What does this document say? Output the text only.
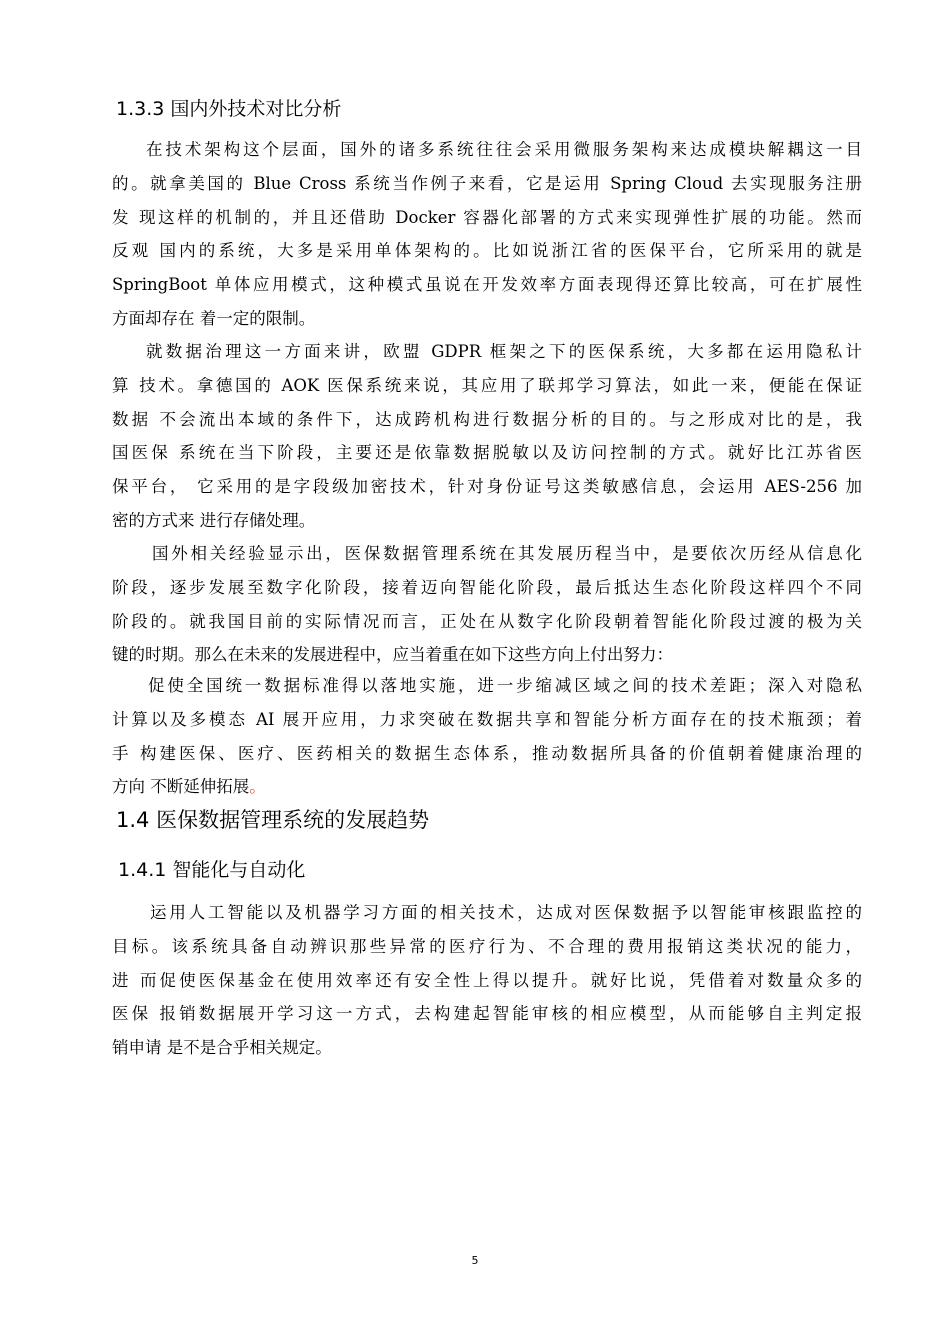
1.3.3 国内外技术对比分析
在技术架构这个层面，国外的诸多系统往往会采用微服务架构来达成模块解耦这一目
的。就拿美国的 Blue Cross 系统当作例子来看，它是运用 Spring Cloud 去实现服务注册
发 现这样的机制的，并且还借助 Docker 容器化部署的方式来实现弹性扩展的功能。然而
反观 国内的系统，大多是采用单体架构的。比如说浙江省的医保平台，它所采用的就是
SpringBoot 单体应用模式，这种模式虽说在开发效率方面表现得还算比较高，可在扩展性
方面却存在 着一定的限制。
就数据治理这一方面来讲，欧盟 GDPR 框架之下的医保系统，大多都在运用隐私计
算 技术。拿德国的 AOK 医保系统来说，其应用了联邦学习算法，如此一来，便能在保证
数据 不会流出本域的条件下，达成跨机构进行数据分析的目的。与之形成对比的是，我
国医保 系统在当下阶段，主要还是依靠数据脱敏以及访问控制的方式。就好比江苏省医
保平台， 它采用的是字段级加密技术，针对身份证号这类敏感信息，会运用 AES-256 加
密的方式来 进行存储处理。
国外相关经验显示出，医保数据管理系统在其发展历程当中，是要依次历经从信息化
阶段，逐步发展至数字化阶段，接着迈向智能化阶段，最后抵达生态化阶段这样四个不同
阶段的。就我国目前的实际情况而言，正处在从数字化阶段朝着智能化阶段过渡的极为关
键的时期。那么在未来的发展进程中，应当着重在如下这些方向上付出努力：
促使全国统一数据标准得以落地实施，进一步缩减区域之间的技术差距；深入对隐私
计算以及多模态 AI 展开应用，力求突破在数据共享和智能分析方面存在的技术瓶颈；着
手 构建医保、医疗、医药相关的数据生态体系，推动数据所具备的价值朝着健康治理的
方向 不断延伸拓展。
1.4 医保数据管理系统的发展趋势
1.4.1 智能化与自动化
运用人工智能以及机器学习方面的相关技术，达成对医保数据予以智能审核跟监控的
目标。该系统具备自动辨识那些异常的医疗行为、不合理的费用报销这类状况的能力，
进 而促使医保基金在使用效率还有安全性上得以提升。就好比说，凭借着对数量众多的
医保 报销数据展开学习这一方式，去构建起智能审核的相应模型，从而能够自主判定报
销申请 是不是合乎相关规定。
5
